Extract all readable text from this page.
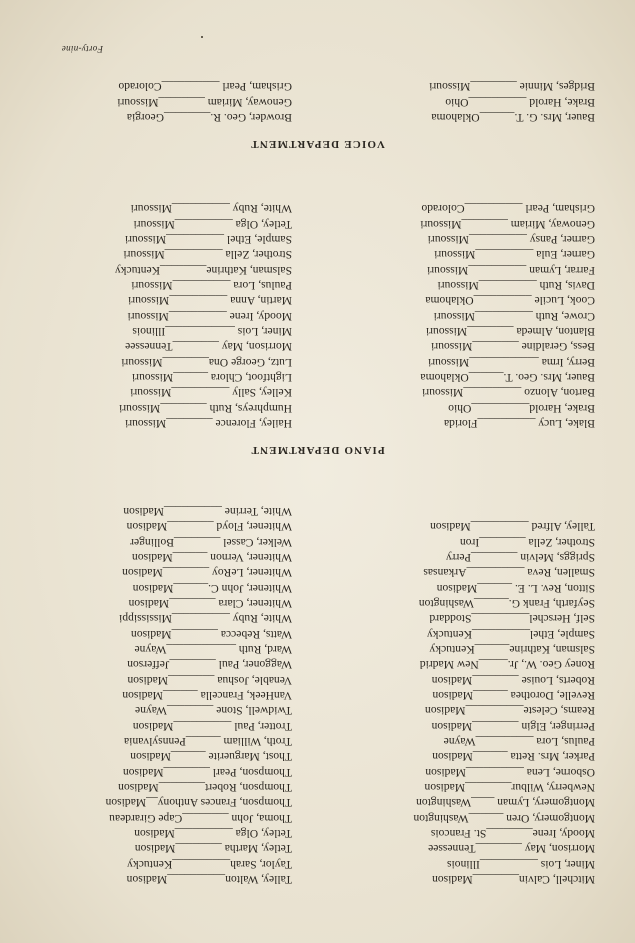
Mitchell, Calvin________Madison
Miner, Lois __________Illinois
Morrison, May ________Tennessee
Moody, Irene________St. Francois
Montgomery, Oren ______Washington
Montgomery, Lyman ____Washington
Newberry, Wilbur________Madison
Osborne, Lena __________Madison
Parker, Mrs. Retta ______Madison
Paulus, Lora __________Wayne
Perringer, Elgin ________Madison
Reams, Celeste__________Madison
Revelle, Dorothea ______Madison
Roberts, Louise ________Madison
Roney Geo. W., Jr._____New Madrid
Salsman, Kathrine______Kentucky
Sample, Ethel__________Kentucky
Self, Herschel__________Stoddard
Seyfarth, Frank G.______Washington
Sitton, Rev. L. E. ______Madison
Smallen, Reva __________Arkansas
Spriggs, Melvin ________Perry
Strother, Zella ________Iron
Talley, Alfred __________Madison
Talley, Walton__________Madison
Taylor, Sarah__________Kentucky
Tetley, Martha ________Madison
Tetley, Olga __________Madison
Thoma, John ________Cape Girardeau
Thompson, Frances Anthony__Madison
Thompson, Robert________Madison
Thompson, Pearl ________Madison
Thost, Marguerite ______Madison
Troth, William ______Pennsylvania
Trotter, Paul __________Madison
Twidwell, Stone ________Wayne
VanHeek, Francella ______Madison
Venable, Joshua ________Madison
Waggoner, Paul ________Jefferson
Ward, Ruth ____________Wayne
Watts, Rebecca ________Madison
White, Ruby __________Mississippi
Whitener, Clara ________Madison
Whitener, John C.______Madison
Whitener, LeRoy ________Madison
Whitener, Vernon ______Madison
Welker, Cassel ________Bollinger
Whitener, Floyd ________Madison
White, Terrine __________Madison
PIANO DEPARTMENT
Blake, Lucy __________Florida
Brake, Harold__________Ohio
Barton, Alonzo __________Missouri
Bauer, Mrs. Geo. T.______Oklahoma
Berry, Irma ____________Missouri
Bess, Geraldine ________Missouri
Blanton, Almeda ________Missouri
Crowe, Ruth __________Missouri
Cook, Lucile __________Oklahoma
Davis, Ruth __________Missouri
Farrar, Lyman __________Missouri
Garner, Eula __________Missouri
Garner, Pansy __________Missouri
Genoway, Miriam ________Missouri
Grisham, Pearl __________Colorado
Hailey, Florence ________Missouri
Humphreys, Ruth ________Missouri
Kelley, Sally __________Missouri
Lightfoot, Chlora ______Missouri
Lutz, George Ona________Missouri
Morrison, May ________Tennessee
Miner, Lois ____________Illinois
Moody, Irene __________Missouri
Martin, Anna __________Missouri
Paulus, Lora __________Missouri
Salsman, Kathrine________Kentucky
Strother, Zella __________Missouri
Sample, Ethel __________Missouri
Tetley, Olga __________Missouri
White, Ruby __________Missouri
VOICE DEPARTMENT
Bauer, Mrs. G. T.______Oklahoma
Brake, Harold __________Ohio
Bridges, Minnie ________Missouri
Browder, Geo. R.________Georgia
Genoway, Miriam ________Missouri
Grisham, Pearl __________Colorado
Forty-nine
